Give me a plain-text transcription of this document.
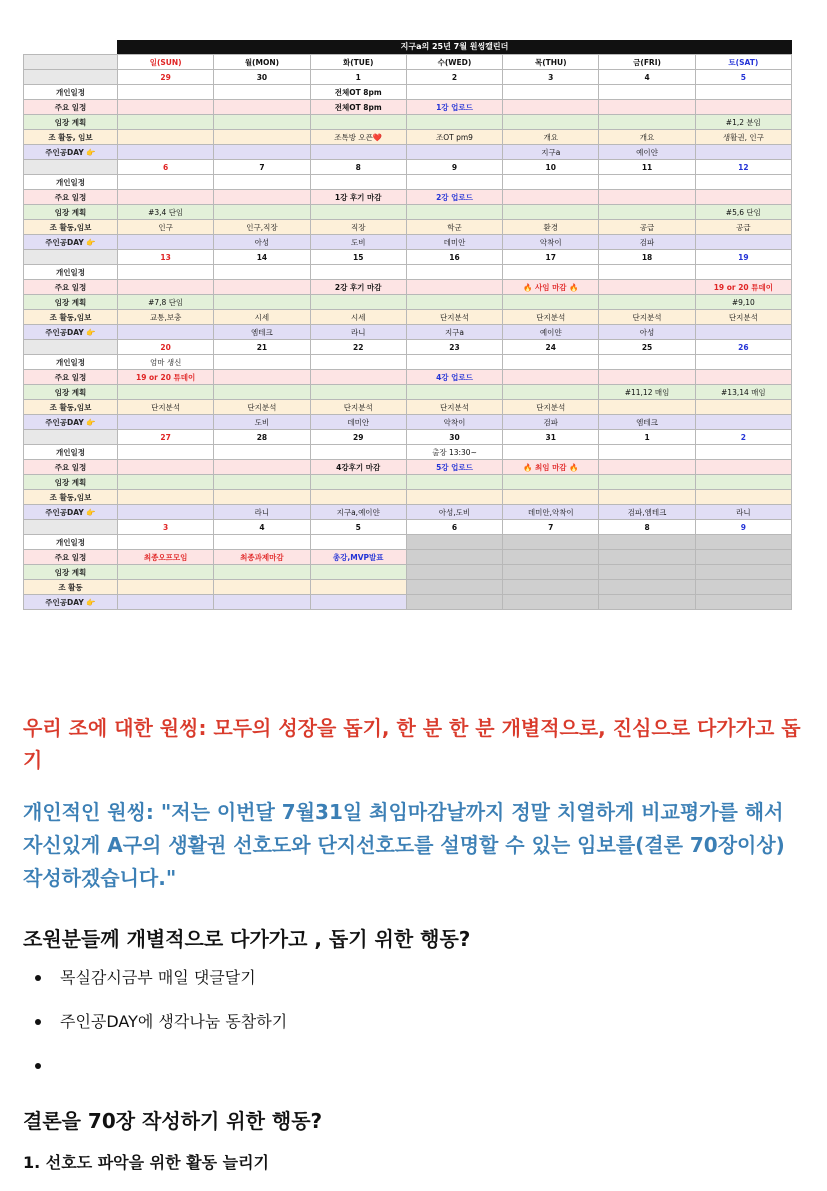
지구a의 25년 7월 원씽캘린더
	일(SUN)	월(MON)	화(TUE)	수(WED)	목(THU)	금(FRI)	토(SAT)
	29	30	1	2	3	4	5
개인일정			전체OT 8pm				
주요 일정			전체OT 8pm	1강 업로드			
임장 계획							#1,2 분임
조 활동, 임보			조톡방 오픈❤️	조OT pm9	개요	개요	생활권, 인구
주인공DAY 👉					지구a	예이얀	
	6	7	8	9	10	11	12
개인일정							
주요 일정			1강 후기 마감	2강 업로드			
임장 계획	#3,4 단임						#5,6 단임
조 활동,임보	인구	인구,직장	직장	학군	환경	공급	공급
주인공DAY 👉		아성	도비	데미안	악착이	검파	
	13	14	15	16	17	18	19
개인일정							
주요 일정			2강 후기 마감		🔥 사임 마감 🔥		19 or 20 튜데이
임장 계획	#7,8 단임						#9,10
조 활동,임보	교통,보충	시세	시세	단지분석	단지분석	단지분석	단지분석
주인공DAY 👉		엠테크	라니	지구a	예이얀	아성	
	20	21	22	23	24	25	26
개인일정	엄마 생신						
주요 일정	19 or 20 튜데이			4강 업로드			
임장 계획						#11,12 매임	#13,14 매임
조 활동,임보	단지분석	단지분석	단지분석	단지분석	단지분석		
주인공DAY 👉		도비	데미안	악착이	검파	엠테크	
	27	28	29	30	31	1	2
개인일정				출장 13:30~			
주요 일정			4강후기 마감	5강 업로드	🔥 최임 마감 🔥		
임장 계획							
조 활동,임보							
주인공DAY 👉		라니	지구a,예이얀	아성,도비	데미안,악착이	검파,엠테크	라니
	3	4	5	6	7	8	9
개인일정							
주요 일정	최종오프모임	최종과제마감	총강,MVP발표				
임장 계획							
조 활동							
주인공DAY 👉							
우리 조에 대한 원씽: 모두의 성장을 돕기, 한 분 한 분 개별적으로, 진심으로 다가가고 돕기
개인적인 원씽: "저는 이번달 7월31일 최임마감날까지 정말 치열하게 비교평가를 해서 자신있게 A구의 생활권 선호도와 단지선호도를 설명할 수 있는 임보를(결론 70장이상) 작성하겠습니다."
조원분들께 개별적으로 다가가고 , 돕기 위한 행동?
목실감시금부 매일 댓글달기
주인공DAY에 생각나눔 동참하기
결론을 70장 작성하기 위한 행동?
1. 선호도 파악을 위한 활동 늘리기
